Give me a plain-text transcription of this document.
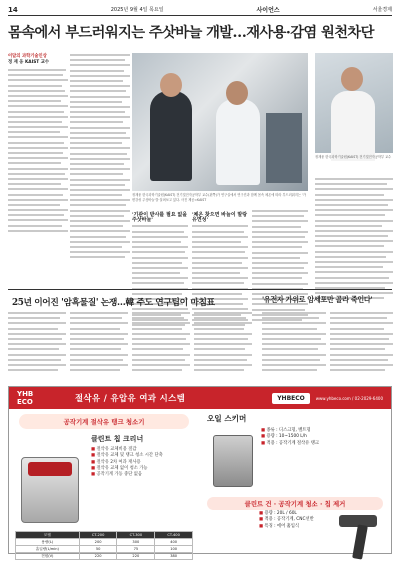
14	2025년 9월 4일 목요일	사이언스	서울경제
몸속에서 부드러워지는 주삿바늘 개발…재사용·감염 원천차단
이달의 과학기술인상
정 재 웅 KAIST 교수
정재웅 한국과학기술원(KAIST) 전기및전자공학부 교수(왼쪽)가 연구실에서 연구진과 함께 몸속 체온에 따라 부드러워지는 '가변강성 주삿바늘'을 살펴보고 있다. 사진 제공=KAIST
정재웅 한국과학기술원(KAIST) 전기및전자공학부 교수
'기관이 받사를 필요 없을 주삿바늘'
'체온 찾으면 바늘이 말랑 유연성'
25년 이어진 '암흑물질' 논쟁…韓 주도 연구팀이 마침표	'유전자 가위로 암세포만 골라 죽인다'
YHB ECO	절삭유 / 유압유 여과 시스템	YHBECO	www.yhbeco.com / 02-2029-6400
공작기계 절삭유 탱크 청소기
클린트 칩 크리너
■ 절삭유 교체비용 절감
■ 절삭유 교체 및 탱크 청소 시간 단축
■ 절삭유 2차 여과 재사용
■ 절삭유 교체 없이 청소 가능
■ 공작기계 가동 중단 없음
모델	CT-200	CT-300	CT-400
용량(L)	200	300	400
흡입량(L/min)	50	75	100
전원(V)	220	220	380
오일 스키머
■ 종류 : 디스크형, 벨트형
■ 용량 : 10~1500 L/h
■ 적용 : 공작기계 절삭유 탱크
클린트 건 · 공작기계 청소 · 칩 제거
■ 용량 : 20L / 60L
■ 적용 : 공작기계, CNC선반
■ 특징 : 에어 흡입식
